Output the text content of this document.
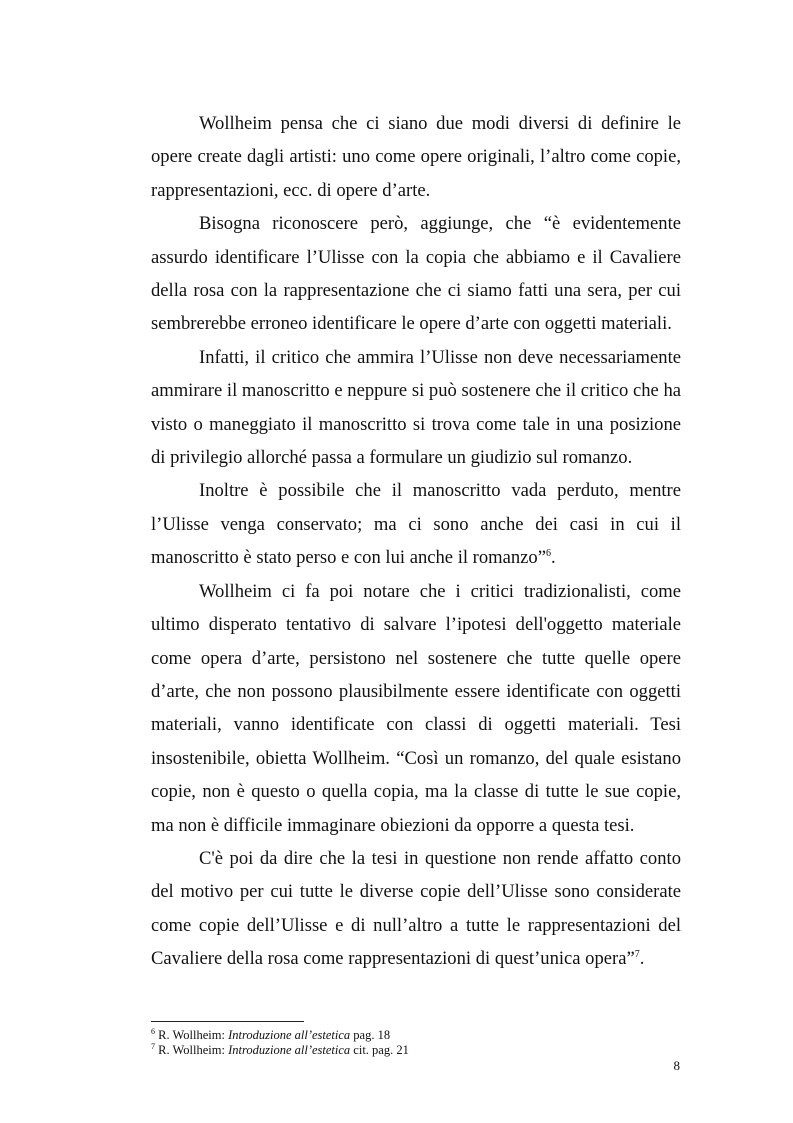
Wollheim pensa che ci siano due modi diversi di definire le opere create dagli artisti: uno come opere originali, l’altro come copie, rappresentazioni, ecc. di opere d’arte.

Bisogna riconoscere però, aggiunge, che “è evidentemente assurdo identificare l’Ulisse con la copia che abbiamo e il Cavaliere della rosa con la rappresentazione che ci siamo fatti una sera, per cui sembrerebbe erroneo identificare le opere d’arte con oggetti materiali.

Infatti, il critico che ammira l’Ulisse non deve necessariamente ammirare il manoscritto e neppure si può sostenere che il critico che ha visto o maneggiato il manoscritto si trova come tale in una posizione di privilegio allorché passa a formulare un giudizio sul romanzo.

Inoltre è possibile che il manoscritto vada perduto, mentre l’Ulisse venga conservato; ma ci sono anche dei casi in cui il manoscritto è stato perso e con lui anche il romanzo”$^6$.

Wollheim ci fa poi notare che i critici tradizionalisti, come ultimo disperato tentativo di salvare l’ipotesi dell'oggetto materiale come opera d’arte, persistono nel sostenere che tutte quelle opere d’arte, che non possono plausibilmente essere identificate con oggetti materiali, vanno identificate con classi di oggetti materiali. Tesi insostenibile, obietta Wollheim. “Così un romanzo, del quale esistano copie, non è questo o quella copia, ma la classe di tutte le sue copie, ma non è difficile immaginare obiezioni da opporre a questa tesi.

C'è poi da dire che la tesi in questione non rende affatto conto del motivo per cui tutte le diverse copie dell’Ulisse sono considerate come copie dell’Ulisse e di null’altro a tutte le rappresentazioni del Cavaliere della rosa come rappresentazioni di quest’unica opera”$^7$.

$^6$ R. Wollheim: Introduzione all’estetica pag. 18

$^7$ R. Wollheim: Introduzione all’estetica cit. pag. 21

8
